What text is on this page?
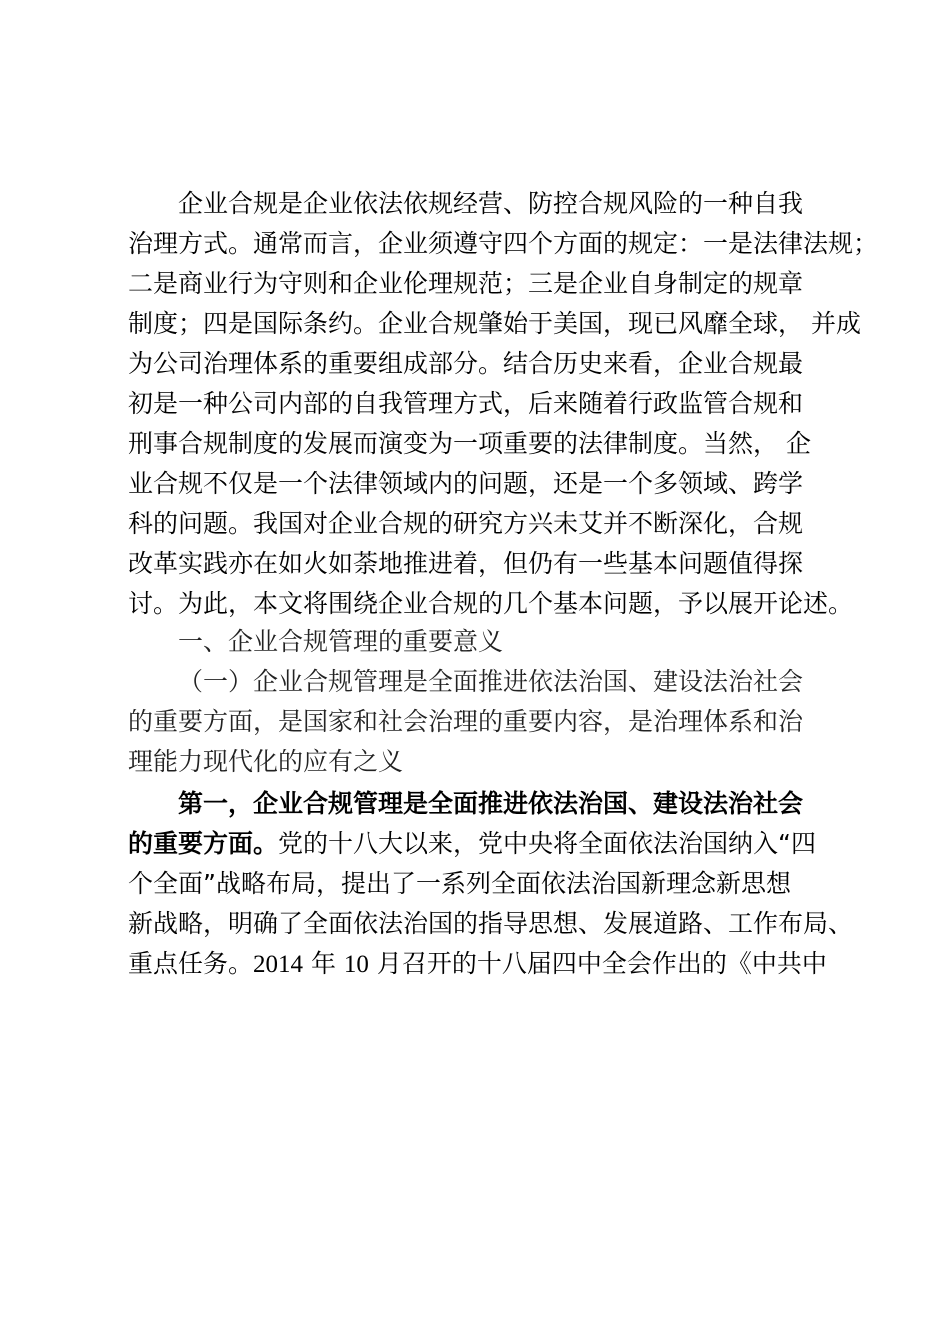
企业合规是企业依法依规经营、防控合规风险的一种自我
治理方式。通常而言，企业须遵守四个方面的规定：一是法律法规；
二是商业行为守则和企业伦理规范；三是企业自身制定的规章
制度；四是国际条约。企业合规肇始于美国，现已风靡全球， 并成
为公司治理体系的重要组成部分。结合历史来看，企业合规最
初是一种公司内部的自我管理方式，后来随着行政监管合规和
刑事合规制度的发展而演变为一项重要的法律制度。当然， 企
业合规不仅是一个法律领域内的问题，还是一个多领域、跨学
科的问题。我国对企业合规的研究方兴未艾并不断深化，合规
改革实践亦在如火如荼地推进着，但仍有一些基本问题值得探
讨。为此，本文将围绕企业合规的几个基本问题，予以展开论述。
一、企业合规管理的重要意义
（一）企业合规管理是全面推进依法治国、建设法治社会
的重要方面，是国家和社会治理的重要内容，是治理体系和治
理能力现代化的应有之义
第一，企业合规管理是全面推进依法治国、建设法治社会
的重要方面。党的十八大以来，党中央将全面依法治国纳入“四
个全面”战略布局，提出了一系列全面依法治国新理念新思想
新战略，明确了全面依法治国的指导思想、发展道路、工作布局、
重点任务。2014 年 10 月召开的十八届四中全会作出的《中共中
